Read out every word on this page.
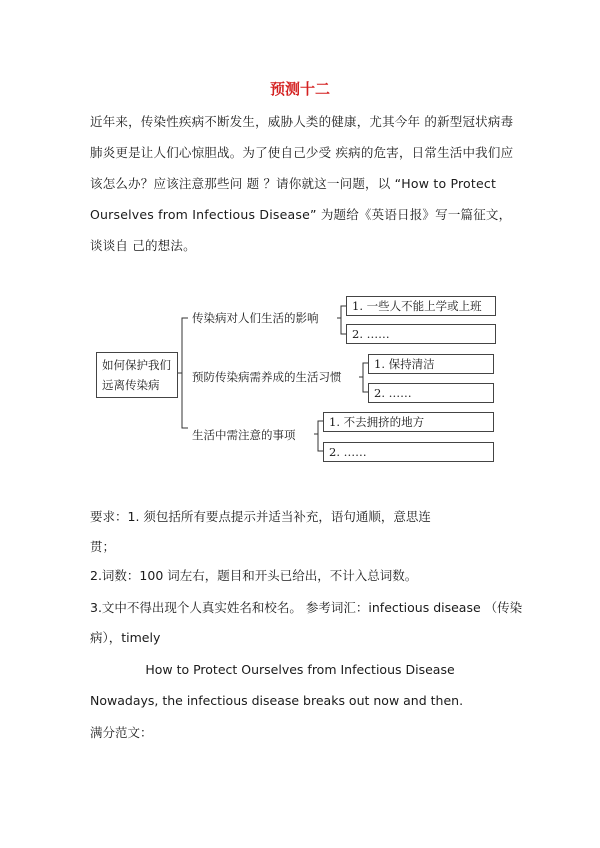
预测十二
近年来，传染性疾病不断发生，威胁人类的健康，尤其今年 的新型冠状病毒肺炎更是让人们心惊胆战。为了使自己少受 疾病的危害，日常生活中我们应该怎么办？应该注意那些问 题 ？请你就这一问题，以 “How to Protect Ourselves from Infectious Disease” 为题给《英语日报》写一篇征文，谈谈自 己的想法。
如何保护我们远离传染病
传染病对人们生活的影响
1. 一些人不能上学或上班
2. ……
预防传染病需养成的生活习惯
1. 保持清洁
2. ……
生活中需注意的事项
1. 不去拥挤的地方
2. ……
要求：1. 须包括所有要点提示并适当补充，语句通顺，意思连
贯；
2.词数：100 词左右，题目和开头已给出，不计入总词数。
3.文中不得出现个人真实姓名和校名。 参考词汇：infectious disease （传染
病），timely
How to Protect Ourselves from Infectious Disease
Nowadays, the infectious disease breaks out now and then.
满分范文：
